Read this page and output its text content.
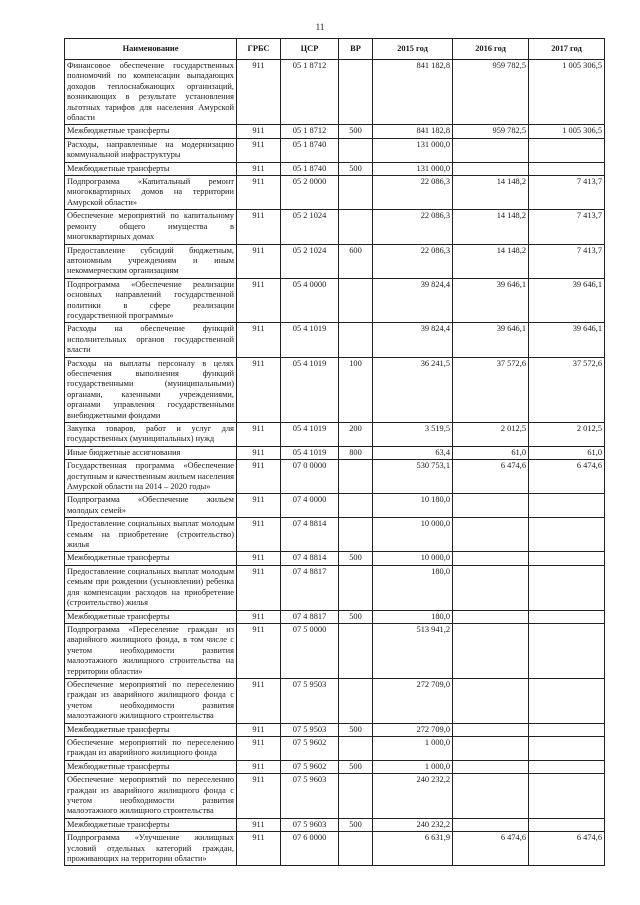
11
Наименование	ГРБС	ЦСР	ВР	2015 год	2016 год	2017 год
Финансовое обеспечение государственных полномочий по компенсации выпадающих доходов теплоснабжающих организаций, возникающих в результате установления льготных тарифов для населения Амурской области	911	05 1 8712		841 182,8	959 782,5	1 005 306,5
Межбюджетные трансферты	911	05 1 8712	500	841 182,8	959 782,5	1 005 306,5
Расходы, направленные на модернизацию коммунальной инфраструктуры	911	05 1 8740		131 000,0		
Межбюджетные трансферты	911	05 1 8740	500	131 000,0		
Подпрограмма «Капитальный ремонт многоквартирных домов на территории Амурской области»	911	05 2 0000		22 086,3	14 148,2	7 413,7
Обеспечение мероприятий по капитальному ремонту общего имущества в многоквартирных домах	911	05 2 1024		22 086,3	14 148,2	7 413,7
Предоставление субсидий бюджетным, автономным учреждениям и иным некоммерческим организациям	911	05 2 1024	600	22 086,3	14 148,2	7 413,7
Подпрограмма «Обеспечение реализации основных направлений государственной политики в сфере реализации государственной программы»	911	05 4 0000		39 824,4	39 646,1	39 646,1
Расходы на обеспечение функций исполнительных органов государственной власти	911	05 4 1019		39 824,4	39 646,1	39 646,1
Расходы на выплаты персоналу в целях обеспечения выполнения функций государственными (муниципальными) органами, казенными учреждениями, органами управления государственными внебюджетными фондами	911	05 4 1019	100	36 241,5	37 572,6	37 572,6
Закупка товаров, работ и услуг для государственных (муниципальных) нужд	911	05 4 1019	200	3 519,5	2 012,5	2 012,5
Иные бюджетные ассигнования	911	05 4 1019	800	63,4	61,0	61,0
Государственная программа «Обеспечение доступным и качественным жильем населения Амурской области на 2014 – 2020 годы»	911	07 0 0000		530 753,1	6 474,6	6 474,6
Подпрограмма «Обеспечение жильем молодых семей»	911	07 4 0000		10 180,0		
Предоставление социальных выплат молодым семьям на приобретение (строительство) жилья	911	07 4 8814		10 000,0		
Межбюджетные трансферты	911	07 4 8814	500	10 000,0		
Предоставление социальных выплат молодым семьям при рождении (усыновлении) ребенка для компенсации расходов на приобретение (строительство) жилья	911	07 4 8817		180,0		
Межбюджетные трансферты	911	07 4 8817	500	180,0		
Подпрограмма «Переселение граждан из аварийного жилищного фонда, в том числе с учетом необходимости развития малоэтажного жилищного строительства на территории области»	911	07 5 0000		513 941,2		
Обеспечение мероприятий по переселению граждан из аварийного жилищного фонда с учетом необходимости развития малоэтажного жилищного строительства	911	07 5 9503		272 709,0		
Межбюджетные трансферты	911	07 5 9503	500	272 709,0		
Обеспечение мероприятий по переселению граждан из аварийного жилищного фонда	911	07 5 9602		1 000,0		
Межбюджетные трансферты	911	07 5 9602	500	1 000,0		
Обеспечение мероприятий по переселению граждан из аварийного жилищного фонда с учетом необходимости развития малоэтажного жилищного строительства	911	07 5 9603		240 232,2		
Межбюджетные трансферты	911	07 5 9603	500	240 232,2		
Подпрограмма «Улучшение жилищных условий отдельных категорий граждан, проживающих на территории области»	911	07 6 0000		6 631,9	6 474,6	6 474,6
